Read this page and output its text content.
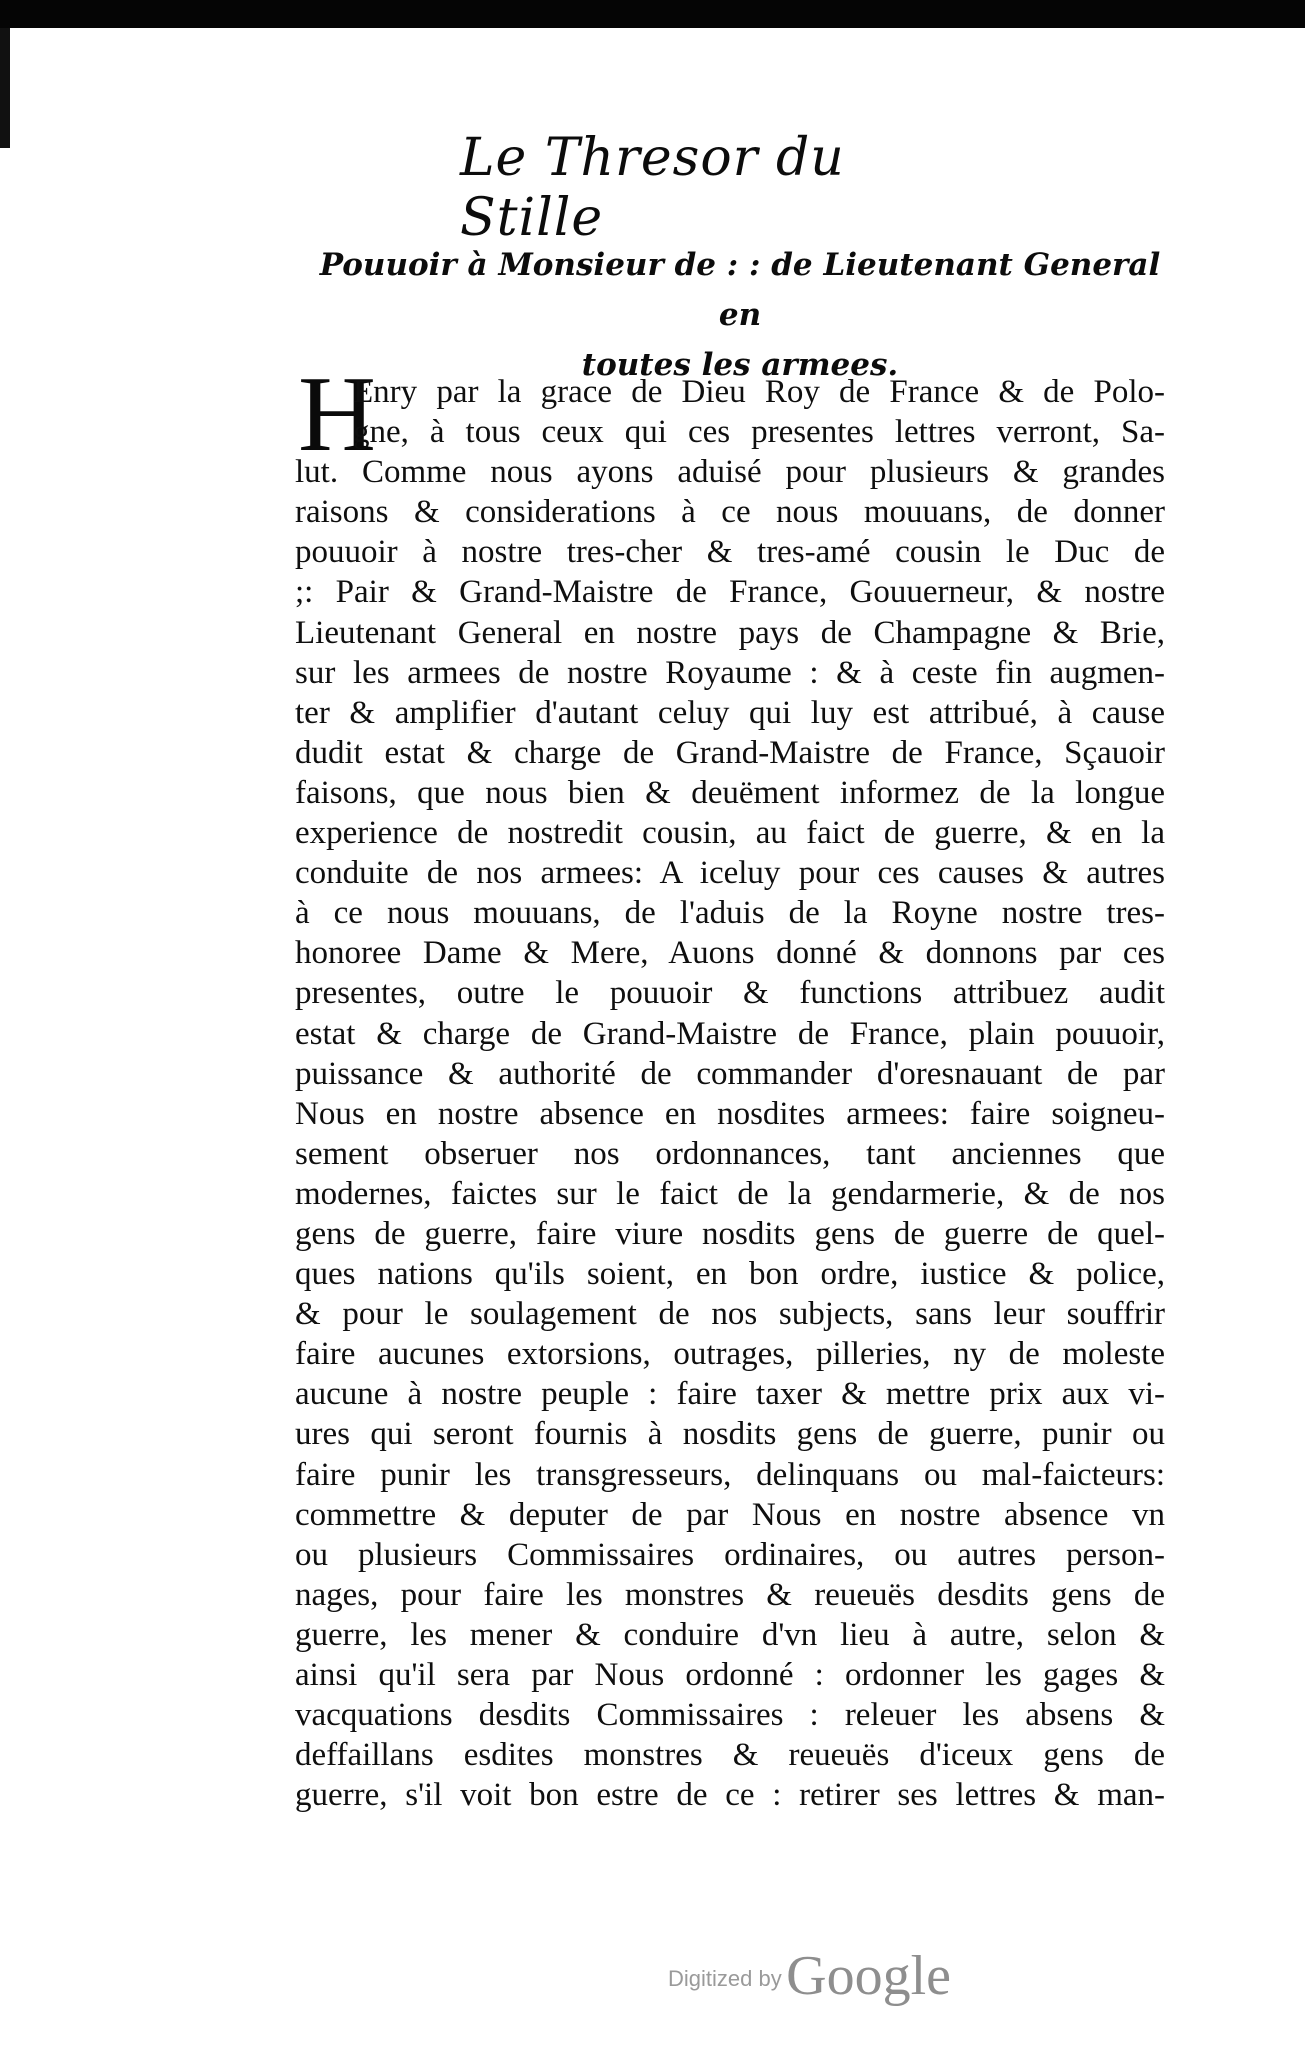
Le Thresor du Stille
Pouuoir à Monsieur de : : de Lieutenant General en
toutes les armees.
H
Enry par la grace de Dieu Roy de France & de Polo-
gne, à tous ceux qui ces presentes lettres verront, Sa-
lut. Comme nous ayons aduisé pour plusieurs & grandes
raisons & considerations à ce nous mouuans, de donner
pouuoir à nostre tres-cher & tres-amé cousin le Duc de
;: Pair & Grand-Maistre de France, Gouuerneur, & nostre
Lieutenant General en nostre pays de Champagne & Brie,
sur les armees de nostre Royaume : & à ceste fin augmen-
ter & amplifier d'autant celuy qui luy est attribué, à cause
dudit estat & charge de Grand-Maistre de France, Sçauoir
faisons, que nous bien & deuëment informez de la longue
experience de nostredit cousin, au faict de guerre, & en la
conduite de nos armees: A iceluy pour ces causes & autres
à ce nous mouuans, de l'aduis de la Royne nostre tres-
honoree Dame & Mere, Auons donné & donnons par ces
presentes, outre le pouuoir & functions attribuez audit
estat & charge de Grand-Maistre de France, plain pouuoir,
puissance & authorité de commander d'oresnauant de par
Nous en nostre absence en nosdites armees: faire soigneu-
sement obseruer nos ordonnances, tant anciennes que
modernes, faictes sur le faict de la gendarmerie, & de nos
gens de guerre, faire viure nosdits gens de guerre de quel-
ques nations qu'ils soient, en bon ordre, iustice & police,
& pour le soulagement de nos subjects, sans leur souffrir
faire aucunes extorsions, outrages, pilleries, ny de moleste
aucune à nostre peuple : faire taxer & mettre prix aux vi-
ures qui seront fournis à nosdits gens de guerre, punir ou
faire punir les transgresseurs, delinquans ou mal-faicteurs:
commettre & deputer de par Nous en nostre absence vn
ou plusieurs Commissaires ordinaires, ou autres person-
nages, pour faire les monstres & reueuës desdits gens de
guerre, les mener & conduire d'vn lieu à autre, selon &
ainsi qu'il sera par Nous ordonné : ordonner les gages &
vacquations desdits Commissaires : releuer les absens &
deffaillans esdites monstres & reueuës d'iceux gens de
guerre, s'il voit bon estre de ce : retirer ses lettres & man-
Digitized by Google
